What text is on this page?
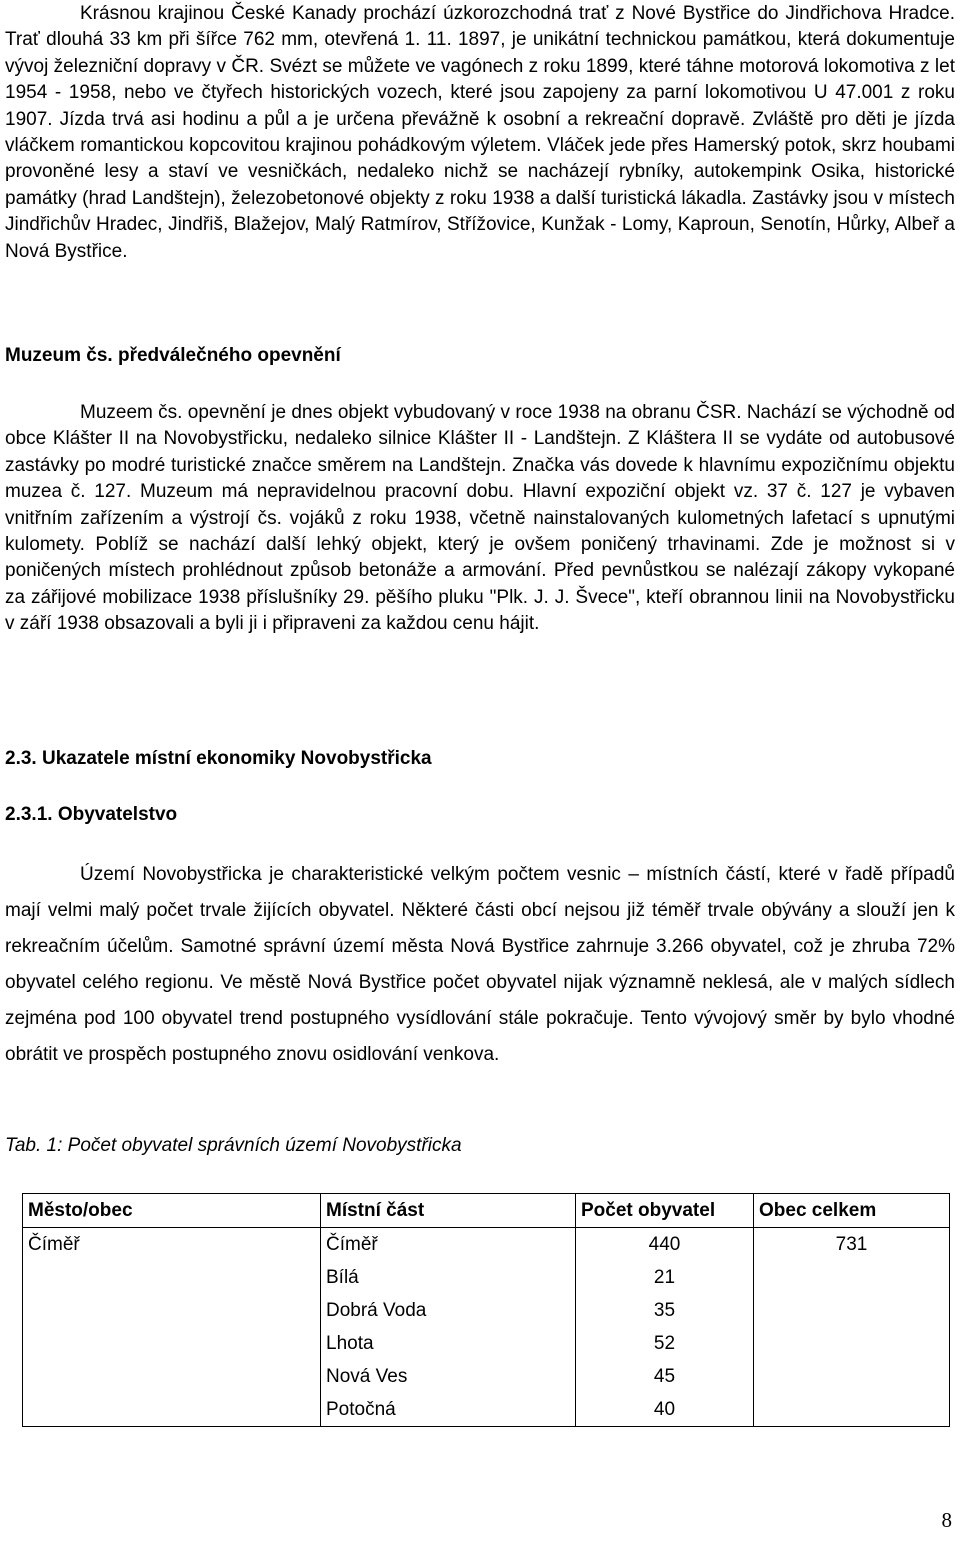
Krásnou krajinou České Kanady prochází úzkorozchodná trať z Nové Bystřice do Jindřichova Hradce. Trať dlouhá 33 km při šířce 762 mm, otevřená 1. 11. 1897, je unikátní technickou památkou, která dokumentuje vývoj železniční dopravy v ČR. Svézt se můžete ve vagónech z roku 1899, které táhne motorová lokomotiva z let 1954 - 1958, nebo ve čtyřech historických vozech, které jsou zapojeny za parní lokomotivou U 47.001 z roku 1907. Jízda trvá asi hodinu a půl a je určena převážně k osobní a rekreační dopravě. Zvláště pro děti je jízda vláčkem romantickou kopcovitou krajinou pohádkovým výletem. Vláček jede přes Hamerský potok, skrz houbami provoněné lesy a staví ve vesničkách, nedaleko nichž se nacházejí rybníky, autokempink Osika, historické památky (hrad Landštejn), železobetonové objekty z roku 1938 a další turistická lákadla. Zastávky jsou v místech Jindřichův Hradec, Jindřiš, Blažejov, Malý Ratmírov, Střížovice, Kunžak - Lomy, Kaproun, Senotín, Hůrky, Albeř a Nová Bystřice.

Muzeum čs. předválečného opevnění

Muzeem čs. opevnění je dnes objekt vybudovaný v roce 1938 na obranu ČSR. Nachází se východně od obce Klášter II na Novobystřicku, nedaleko silnice Klášter II - Landštejn. Z Kláštera II se vydáte od autobusové zastávky po modré turistické značce směrem na Landštejn. Značka vás dovede k hlavnímu expozičnímu objektu muzea č. 127. Muzeum má nepravidelnou pracovní dobu. Hlavní expoziční objekt vz. 37 č. 127 je vybaven vnitřním zařízením a výstrojí čs. vojáků z roku 1938, včetně nainstalovaných kulometných lafetací s upnutými kulomety. Poblíž se nachází další lehký objekt, který je ovšem poničený trhavinami. Zde je možnost si v poničených místech prohlédnout způsob betonáže a armování. Před pevnůstkou se nalézají zákopy vykopané za zářijové mobilizace 1938 příslušníky 29. pěšího pluku "Plk. J. J. Švece", kteří obrannou linii na Novobystřicku v září 1938 obsazovali a byli ji i připraveni za každou cenu hájit.

2.3. Ukazatele místní ekonomiky Novobystřicka

2.3.1. Obyvatelstvo

Území Novobystřicka je charakteristické velkým počtem vesnic – místních částí, které v řadě případů mají velmi malý počet trvale žijících obyvatel. Některé části obcí nejsou již téměř trvale obývány a slouží jen k rekreačním účelům. Samotné správní území města Nová Bystřice zahrnuje 3.266 obyvatel, což je zhruba 72% obyvatel celého regionu. Ve městě Nová Bystřice počet obyvatel nijak významně neklesá, ale v malých sídlech zejména pod 100 obyvatel trend postupného vysídlování stále pokračuje. Tento vývojový směr by bylo vhodné obrátit ve prospěch postupného znovu osidlování venkova.

Tab. 1: Počet obyvatel správních území Novobystřicka

Město/obec	Místní část	Počet obyvatel	Obec celkem
Číměř	Číměř	440	731
	Bílá	21	
	Dobrá Voda	35	
	Lhota	52	
	Nová Ves	45	
	Potočná	40	

8
